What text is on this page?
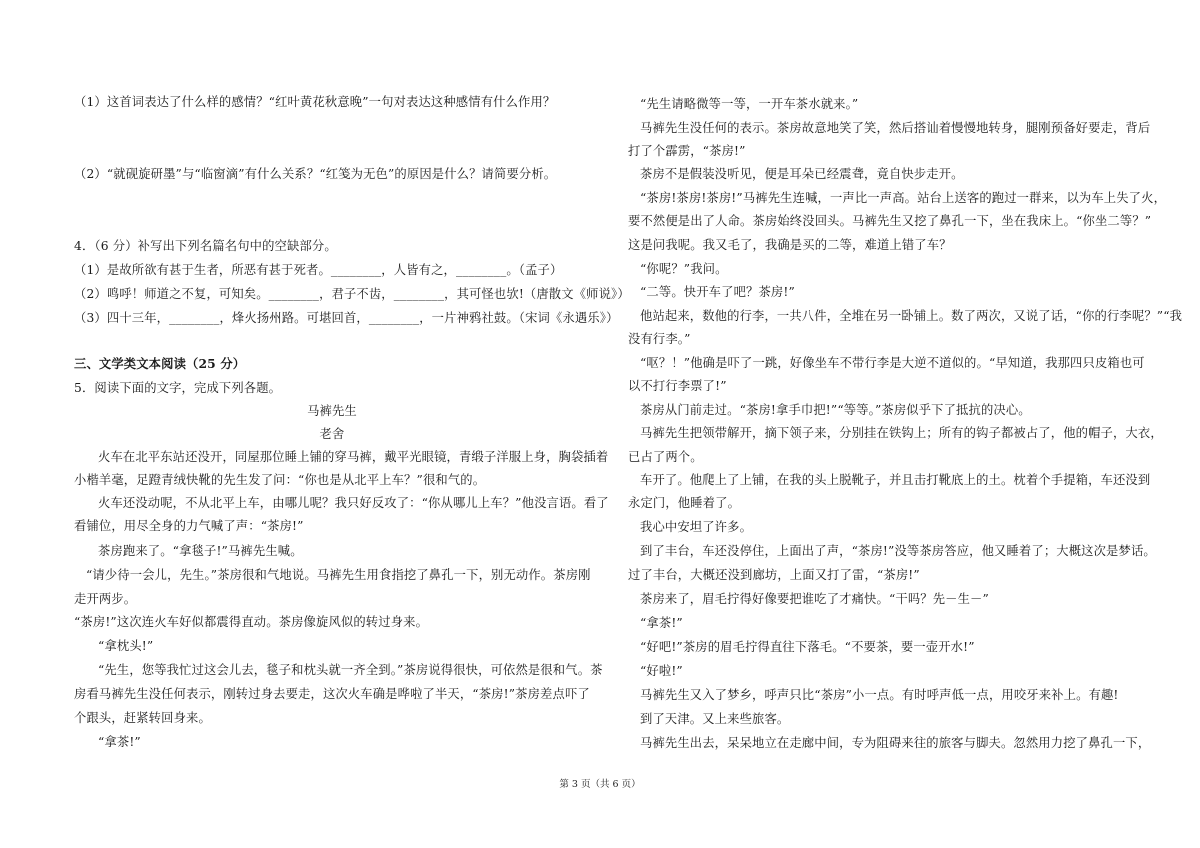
（1）这首词表达了什么样的感情？“红叶黄花秋意晚”一句对表达这种感情有什么作用？
（2）“就砚旋研墨”与“临窗滴”有什么关系？“红笺为无色”的原因是什么？请简要分析。
4．（6 分）补写出下列名篇名句中的空缺部分。
（1）是故所欲有甚于生者，所恶有甚于死者。________，人皆有之，________。（孟子）
（2）鸣呼！师道之不复，可知矣。________，君子不齿，________，其可怪也欤!（唐散文《师说》）
（3）四十三年，________，烽火扬州路。可堪回首，________，一片神鸦社鼓。（宋词《永遇乐》）
三、文学类文本阅读（25 分）
5．阅读下面的文字，完成下列各题。
马裤先生
老舍
火车在北平东站还没开，同屋那位睡上铺的穿马裤，戴平光眼镜，青缎子洋服上身，胸袋插着
小楷羊毫，足蹬青绒快靴的先生发了问：“你也是从北平上车？”很和气的。
火车还没动呢，不从北平上车，由哪儿呢？我只好反攻了：“你从哪儿上车？”他没言语。看了
看铺位，用尽全身的力气喊了声：“茶房!”
茶房跑来了。“拿毯子!”马裤先生喊。
“请少待一会儿，先生。”茶房很和气地说。马裤先生用食指挖了鼻孔一下，别无动作。茶房刚
走开两步。
“茶房!”这次连火车好似都震得直动。茶房像旋风似的转过身来。
“拿枕头!”
“先生，您等我忙过这会儿去，毯子和枕头就一齐全到。”茶房说得很快，可依然是很和气。茶
房看马裤先生没任何表示，刚转过身去要走，这次火车确是哗啦了半天，“茶房!”茶房差点吓了
个跟头，赶紧转回身来。
“拿茶!”
“先生请略微等一等，一开车茶水就来。”
马裤先生没任何的表示。茶房故意地笑了笑，然后搭讪着慢慢地转身，腿刚预备好要走，背后
打了个霹雳，“茶房!”
茶房不是假装没听见，便是耳朵已经震聋，竟自快步走开。
“茶房!茶房!茶房!”马裤先生连喊，一声比一声高。站台上送客的跑过一群来，以为车上失了火，
要不然便是出了人命。茶房始终没回头。马裤先生又挖了鼻孔一下，坐在我床上。“你坐二等？”
这是问我呢。我又毛了，我确是买的二等，难道上错了车？
“你呢？”我问。
“二等。快开车了吧？茶房!”
他站起来，数他的行李，一共八件，全堆在另一卧铺上。数了两次，又说了话，“你的行李呢？”“我
没有行李。”
“呕？！”他确是吓了一跳，好像坐车不带行李是大逆不道似的。“早知道，我那四只皮箱也可
以不打行李票了!”
茶房从门前走过。“茶房!拿手巾把!”“等等。”茶房似乎下了抵抗的决心。
马裤先生把领带解开，摘下领子来，分别挂在铁钩上；所有的钩子都被占了，他的帽子，大衣，
已占了两个。
车开了。他爬上了上铺，在我的头上脱靴子，并且击打靴底上的土。枕着个手提箱，车还没到
永定门，他睡着了。
我心中安坦了许多。
到了丰台，车还没停住，上面出了声，“茶房!”没等茶房答应，他又睡着了；大概这次是梦话。
过了丰台，大概还没到廊坊，上面又打了雷，“茶房!”
茶房来了，眉毛拧得好像要把谁吃了才痛快。“干吗？先－生－”
“拿茶!”
“好吧!”茶房的眉毛拧得直往下落毛。“不要茶，要一壶开水!”
“好啦!”
马裤先生又入了梦乡，呼声只比“茶房”小一点。有时呼声低一点，用咬牙来补上。有趣!
到了天津。又上来些旅客。
马裤先生出去，呆呆地立在走廊中间，专为阻碍来往的旅客与脚夫。忽然用力挖了鼻孔一下，
第 3 页（共 6 页）
